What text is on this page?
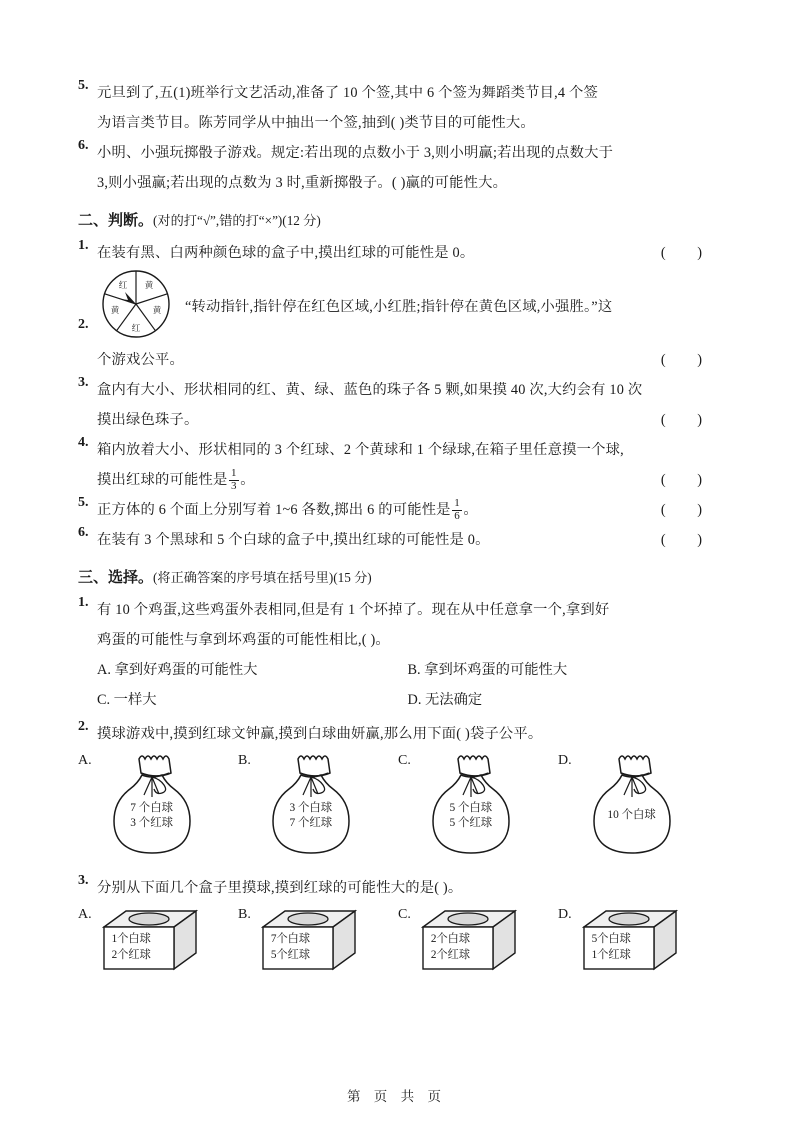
5. 元旦到了,五(1)班举行文艺活动,准备了 10 个签,其中 6 个签为舞蹈类节目,4 个签
为语言类节目。陈芳同学从中抽出一个签,抽到( )类节目的可能性大。
6. 小明、小强玩掷骰子游戏。规定:若出现的点数小于 3,则小明赢;若出现的点数大于
3,则小强赢;若出现的点数为 3 时,重新掷骰子。( )赢的可能性大。
二、判断。(对的打“√”,错的打“×”)(12 分)
1. 在装有黑、白两种颜色球的盒子中,摸出红球的可能性是 0。	( )
2.
红 黄
黄
红
黄	“转动指针,指针停在红色区域,小红胜;指针停在黄色区域,小强胜。”这
个游戏公平。	( )
3. 盒内有大小、形状相同的红、黄、绿、蓝色的珠子各 5 颗,如果摸 40 次,大约会有 10 次
摸出绿色珠子。	( )
4. 箱内放着大小、形状相同的 3 个红球、2 个黄球和 1 个绿球,在箱子里任意摸一个球,
摸出红球的可能性是 $\frac{1}{3}$ 。	( )
5. 正方体的 6 个面上分别写着 1~6 各数,掷出 6 的可能性是 $\frac{1}{6}$ 。	( )
6. 在装有 3 个黑球和 5 个白球的盒子中,摸出红球的可能性是 0。	( )
三、选择。(将正确答案的序号填在括号里)(15 分)
1. 有 10 个鸡蛋,这些鸡蛋外表相同,但是有 1 个坏掉了。现在从中任意拿一个,拿到好
鸡蛋的可能性与拿到坏鸡蛋的可能性相比,( )。
A. 拿到好鸡蛋的可能性大	B. 拿到坏鸡蛋的可能性大
C. 一样大	D. 无法确定
2. 摸球游戏中,摸到红球文钟赢,摸到白球曲妍赢,那么用下面( )袋子公平。
A.
7 个白球
3 个红球
B.
3 个白球
7 个红球
C.
5 个白球
5 个红球
D.
10 个白球
3. 分别从下面几个盒子里摸球,摸到红球的可能性大的是( )。
A.
1个白球
2个红球
B.
7个白球
5个红球
C.
2个白球
2个红球
D.
5个白球
1个红球
第 页 共 页
